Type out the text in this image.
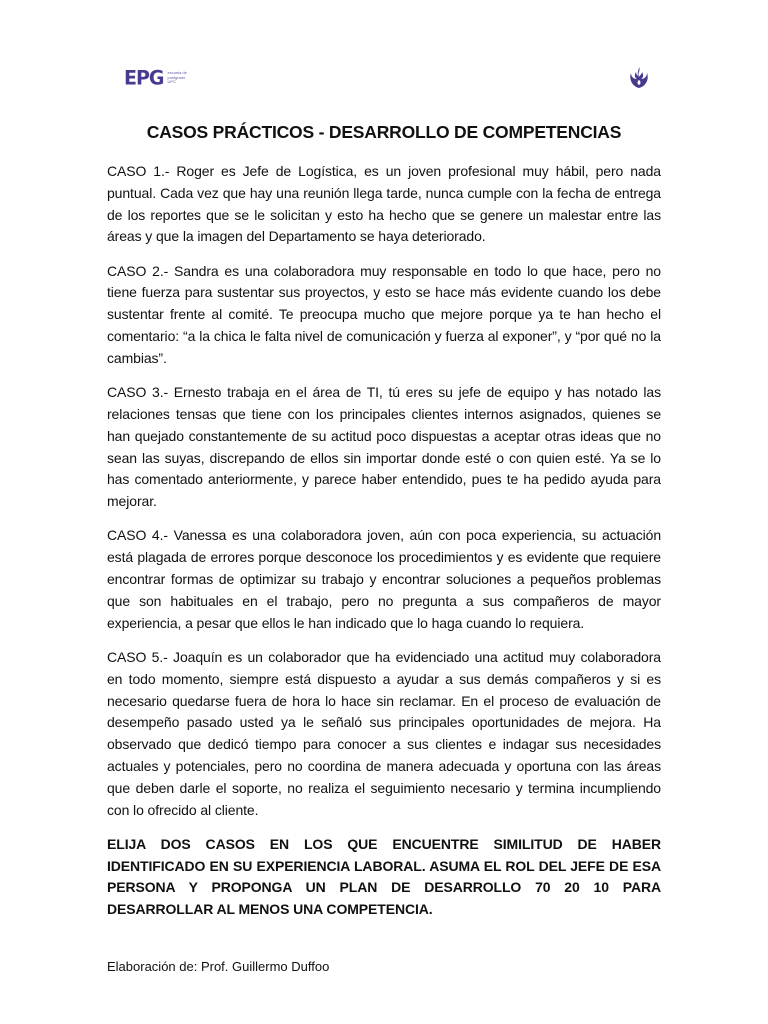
EPG escuela de
postgrado
UPC
CASOS PRÁCTICOS - DESARROLLO DE COMPETENCIAS

CASO 1.- Roger es Jefe de Logística, es un joven profesional muy hábil, pero nada puntual. Cada vez que hay una reunión llega tarde, nunca cumple con la fecha de entrega de los reportes que se le solicitan y esto ha hecho que se genere un malestar entre las áreas y que la imagen del Departamento se haya deteriorado.

CASO 2.- Sandra es una colaboradora muy responsable en todo lo que hace, pero no tiene fuerza para sustentar sus proyectos, y esto se hace más evidente cuando los debe sustentar frente al comité. Te preocupa mucho que mejore porque ya te han hecho el comentario: “a la chica le falta nivel de comunicación y fuerza al exponer”, y “por qué no la cambias”.

CASO 3.- Ernesto trabaja en el área de TI, tú eres su jefe de equipo y has notado las relaciones tensas que tiene con los principales clientes internos asignados, quienes se han quejado constantemente de su actitud poco dispuestas a aceptar otras ideas que no sean las suyas, discrepando de ellos sin importar donde esté o con quien esté. Ya se lo has comentado anteriormente, y parece haber entendido, pues te ha pedido ayuda para mejorar.

CASO 4.- Vanessa es una colaboradora joven, aún con poca experiencia, su actuación está plagada de errores porque desconoce los procedimientos y es evidente que requiere encontrar formas de optimizar su trabajo y encontrar soluciones a pequeños problemas que son habituales en el trabajo, pero no pregunta a sus compañeros de mayor experiencia, a pesar que ellos le han indicado que lo haga cuando lo requiera.

CASO 5.- Joaquín es un colaborador que ha evidenciado una actitud muy colaboradora en todo momento, siempre está dispuesto a ayudar a sus demás compañeros y si es necesario quedarse fuera de hora lo hace sin reclamar. En el proceso de evaluación de desempeño pasado usted ya le señaló sus principales oportunidades de mejora. Ha observado que dedicó tiempo para conocer a sus clientes e indagar sus necesidades actuales y potenciales, pero no coordina de manera adecuada y oportuna con las áreas que deben darle el soporte, no realiza el seguimiento necesario y termina incumpliendo con lo ofrecido al cliente.

ELIJA DOS CASOS EN LOS QUE ENCUENTRE SIMILITUD DE HABER IDENTIFICADO EN SU EXPERIENCIA LABORAL. ASUMA EL ROL DEL JEFE DE ESA PERSONA Y PROPONGA UN PLAN DE DESARROLLO 70 20 10 PARA DESARROLLAR AL MENOS UNA COMPETENCIA.

Elaboración de: Prof. Guillermo Duffoo
